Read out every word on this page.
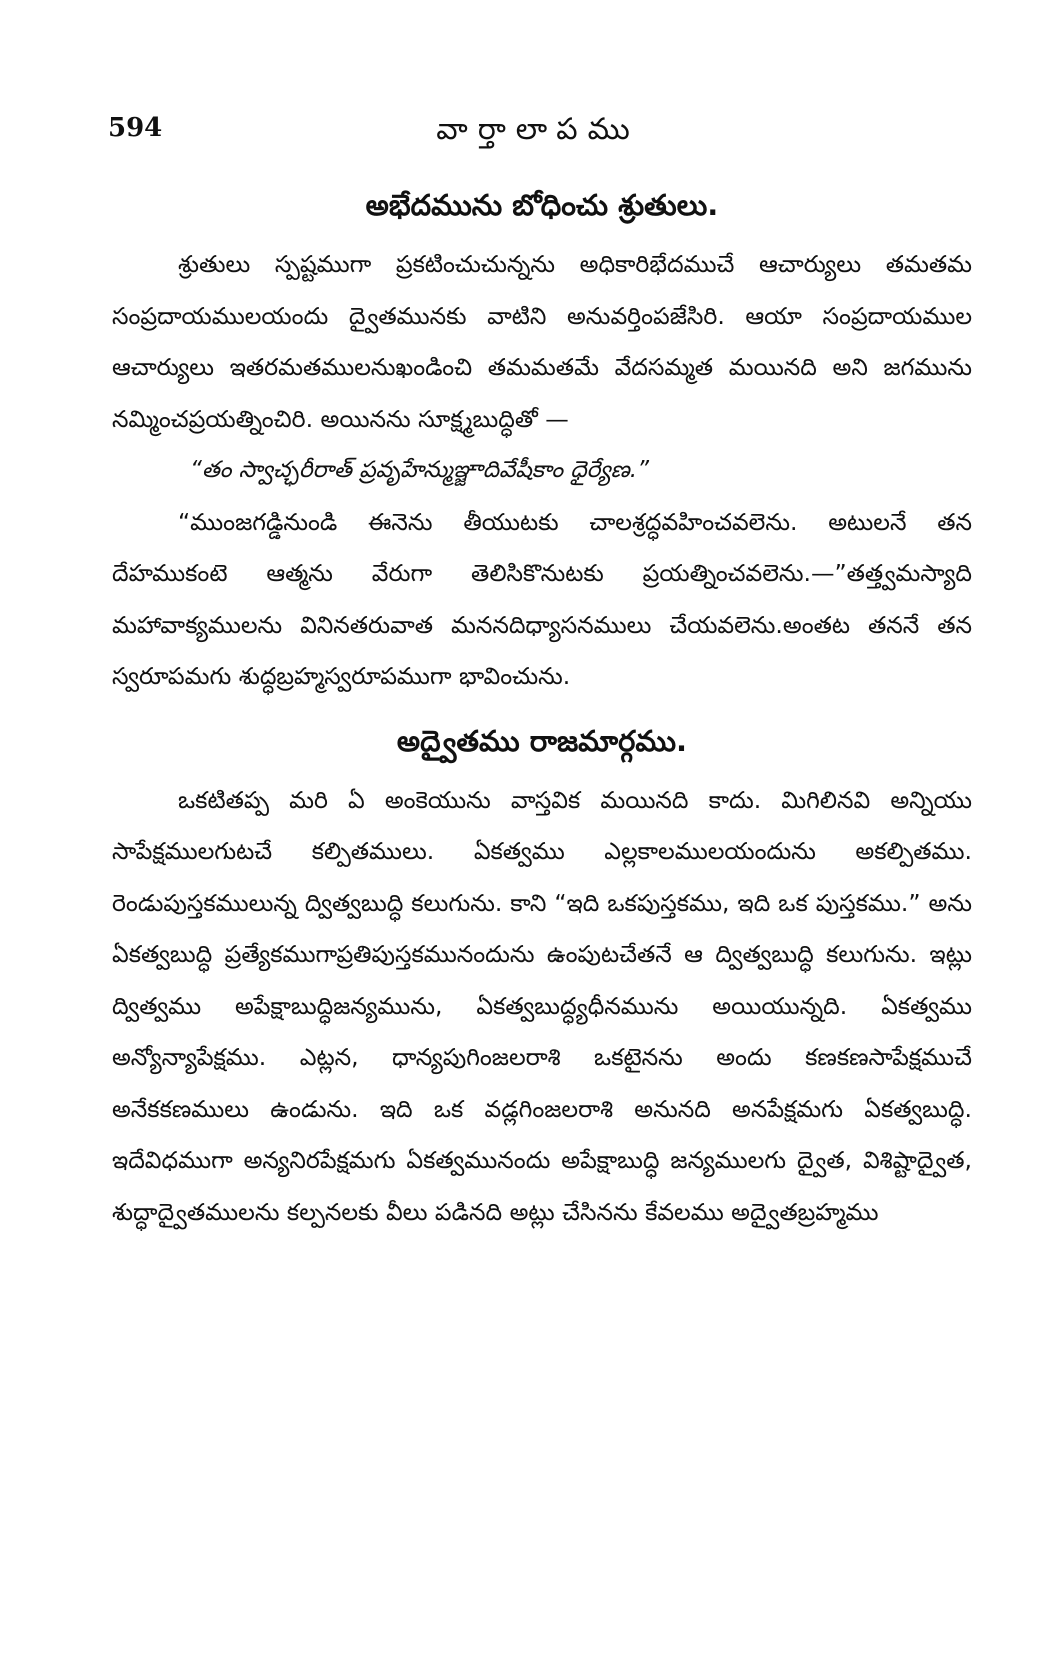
594	వార్తాలాపము
అభేదమును బోధించు శ్రుతులు.

శ్రుతులు స్పష్టముగా ప్రకటించుచున్నను అధికారిభేదముచే ఆచార్యులు తమతమ సంప్రదాయములయందు ద్వైతమునకు వాటిని అనువర్తింపజేసిరి. ఆయా సంప్రదాయముల ఆచార్యులు ఇతరమతములనుఖండించి తమమతమే వేదసమ్మత మయినది అని జగమును నమ్మించప్రయత్నించిరి. అయినను సూక్ష్మబుద్ధితో —

“తం స్వాచ్ఛరీరాత్ ప్రవృహేన్ముఞ్జాదివేషీకాం ధైర్యేణ.”

“ముంజగడ్డినుండి ఈనెను తీయుటకు చాలశ్రద్ధవహించవలెను. అటులనే తన దేహముకంటె ఆత్మను వేరుగా తెలిసికొనుటకు ప్రయత్నించవలెను.—”తత్త్వమస్యాది మహావాక్యములను వినినతరువాత మననదిధ్యాసనములు చేయవలెను.అంతట తననే తన స్వరూపమగు శుద్ధబ్రహ్మస్వరూపముగా భావించును.

అద్వైతము రాజమార్గము.

ఒకటితప్ప మరి ఏ అంకెయును వాస్తవిక మయినది కాదు. మిగిలినవి అన్నియు సాపేక్షములగుటచే కల్పితములు. ఏకత్వము ఎల్లకాలములయందును అకల్పితము. రెండుపుస్తకములున్న ద్విత్వబుద్ధి కలుగును. కాని “ఇది ఒకపుస్తకము, ఇది ఒక పుస్తకము.” అను ఏకత్వబుద్ధి ప్రత్యేకముగాప్రతిపుస్తకమునందును ఉంపుటచేతనే ఆ ద్విత్వబుద్ధి కలుగును. ఇట్లు ద్విత్వము అపేక్షాబుద్ధిజన్యమును, ఏకత్వబుద్ధ్యధీనమును అయియున్నది. ఏకత్వము అన్యోన్యాపేక్షము. ఎట్లన, ధాన్యపుగింజలరాశి ఒకటైనను అందు కణకణసాపేక్షముచే అనేకకణములు ఉండును. ఇది ఒక వడ్లగింజలరాశి అనునది అనపేక్షమగు ఏకత్వబుద్ధి. ఇదేవిధముగా అన్యనిరపేక్షమగు ఏకత్వమునందు అపేక్షాబుద్ధి జన్యములగు ద్వైత, విశిష్టాద్వైత, శుద్ధాద్వైతములను కల్పనలకు వీలు పడినది అట్లు చేసినను కేవలము అద్వైతబ్రహ్మము
